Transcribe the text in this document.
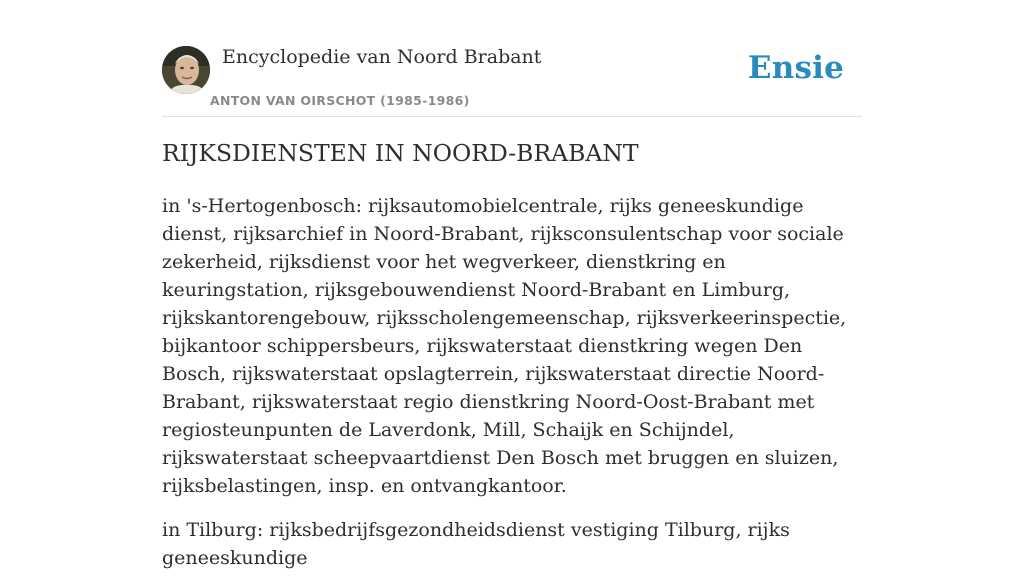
Encyclopedie van Noord Brabant
ANTON VAN OIRSCHOT (1985-1986)
Ensie
RIJKSDIENSTEN IN NOORD-BRABANT

in 's-Hertogenbosch: rijksautomobielcentrale, rijks geneeskundige dienst, rijksarchief in Noord-Brabant, rijksconsulentschap voor sociale zekerheid, rijksdienst voor het wegverkeer, dienstkring en keuringstation, rijksgebouwendienst Noord-Brabant en Limburg, rijkskantorengebouw, rijksscholengemeenschap, rijksverkeerinspectie, bijkantoor schippersbeurs, rijkswaterstaat dienstkring wegen Den Bosch, rijkswaterstaat opslagterrein, rijkswaterstaat directie Noord-Brabant, rijkswaterstaat regio dienstkring Noord-Oost-Brabant met regiosteunpunten de Laverdonk, Mill, Schaijk en Schijndel, rijkswaterstaat scheepvaartdienst Den Bosch met bruggen en sluizen, rijksbelastingen, insp. en ontvangkantoor.

in Tilburg: rijksbedrijfsgezondheidsdienst vestiging Tilburg, rijks geneeskundige
